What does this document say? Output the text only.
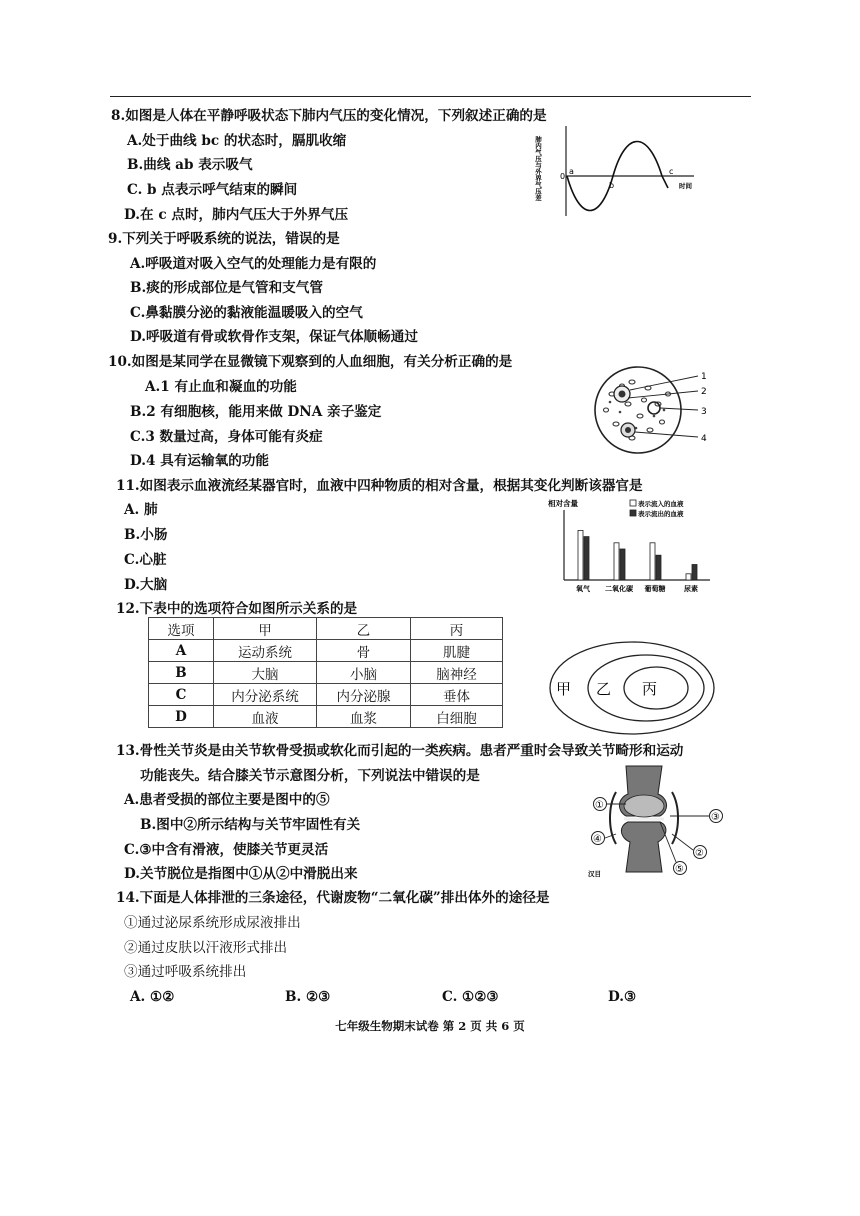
8.如图是人体在平静呼吸状态下肺内气压的变化情况，下列叙述正确的是
A.处于曲线 bc 的状态时，膈肌收缩
B.曲线 ab 表示吸气
C. b 点表示呼气结束的瞬间
D.在 c 点时，肺内气压大于外界气压
肺内气压与外界气压差 0
a
b
c
时间
9.下列关于呼吸系统的说法，错误的是
A.呼吸道对吸入空气的处理能力是有限的
B.痰的形成部位是气管和支气管
C.鼻黏膜分泌的黏液能温暖吸入的空气
D.呼吸道有骨或软骨作支架，保证气体顺畅通过
10.如图是某同学在显微镜下观察到的人血细胞，有关分析正确的是
A.1 有止血和凝血的功能
B.2 有细胞核，能用来做 DNA 亲子鉴定
C.3 数量过高，身体可能有炎症
D.4 具有运输氧的功能
1
2
3
4
11.如图表示血液流经某器官时，血液中四种物质的相对含量，根据其变化判断该器官是
A. 肺
B.小肠
C.心脏
D.大脑
相对含量	表示流入的血液
表示流出的血液
氧气 二氧化碳 葡萄糖	尿素
12.下表中的选项符合如图所示关系的是
选项	甲	乙	丙
A	运动系统	骨	肌腱
B	大脑	小脑	脑神经
C	内分泌系统	内分泌腺	垂体
D	血液	血浆	白细胞
甲 乙 丙
13.骨性关节炎是由关节软骨受损或软化而引起的一类疾病。患者严重时会导致关节畸形和运动
功能丧失。结合膝关节示意图分析，下列说法中错误的是
A.患者受损的部位主要是图中的⑤
B.图中②所示结构与关节牢固性有关
C.③中含有滑液，使膝关节更灵活
D.关节脱位是指图中①从②中滑脱出来
①
③
④
②
⑤
汉目
14.下面是人体排泄的三条途径，代谢废物“二氧化碳”排出体外的途径是
①通过泌尿系统形成尿液排出
②通过皮肤以汗液形式排出
③通过呼吸系统排出
A. ①②	B. ②③	C. ①②③	D.③
七年级生物期末试卷 第 2 页 共 6 页
